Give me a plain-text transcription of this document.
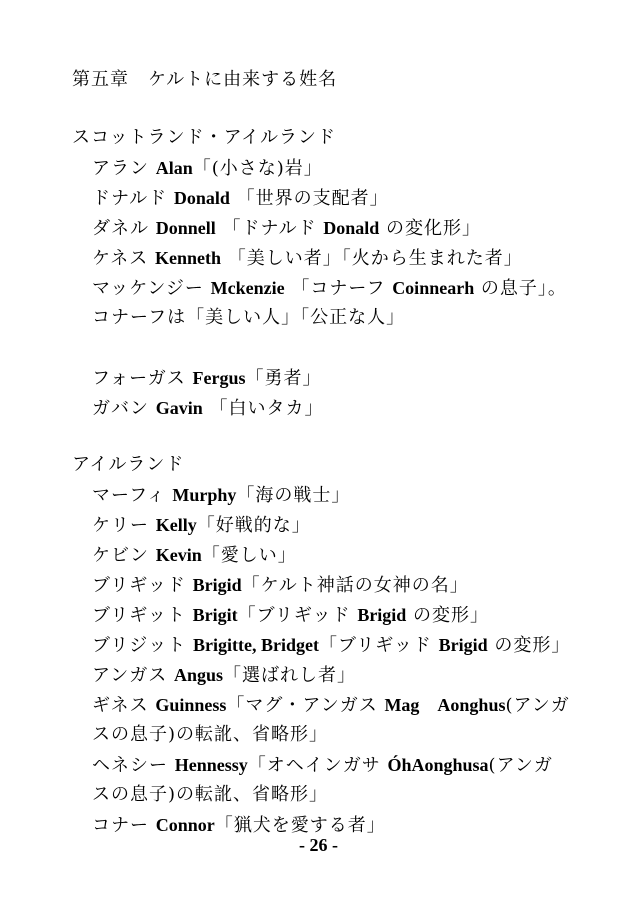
第五章　ケルトに由来する姓名
スコットランド・アイルランド
アラン Alan「(小さな)岩」
ドナルド Donald 「世界の支配者」
ダネル Donnell 「ドナルド Donald の変化形」
ケネス Kenneth 「美しい者」「火から生まれた者」
マッケンジー Mckenzie 「コナーフ Coinnearh の息子」。
コナーフは「美しい人」「公正な人」
フォーガス Fergus「勇者」
ガバン Gavin 「白いタカ」
アイルランド
マーフィ Murphy「海の戦士」
ケリー Kelly「好戦的な」
ケビン Kevin「愛しい」
ブリギッド Brigid「ケルト神話の女神の名」
ブリギット Brigit「ブリギッド Brigid の変形」
ブリジット Brigitte, Bridget「ブリギッド Brigid の変形」
アンガス Angus「選ばれし者」
ギネス Guinness「マグ・アンガス Mag　Aonghus(アンガ
スの息子)の転訛、省略形」
ヘネシー Hennessy「オヘインガサ ÓhAonghusa(アンガ
スの息子)の転訛、省略形」
コナー Connor「猟犬を愛する者」
- 26 -
